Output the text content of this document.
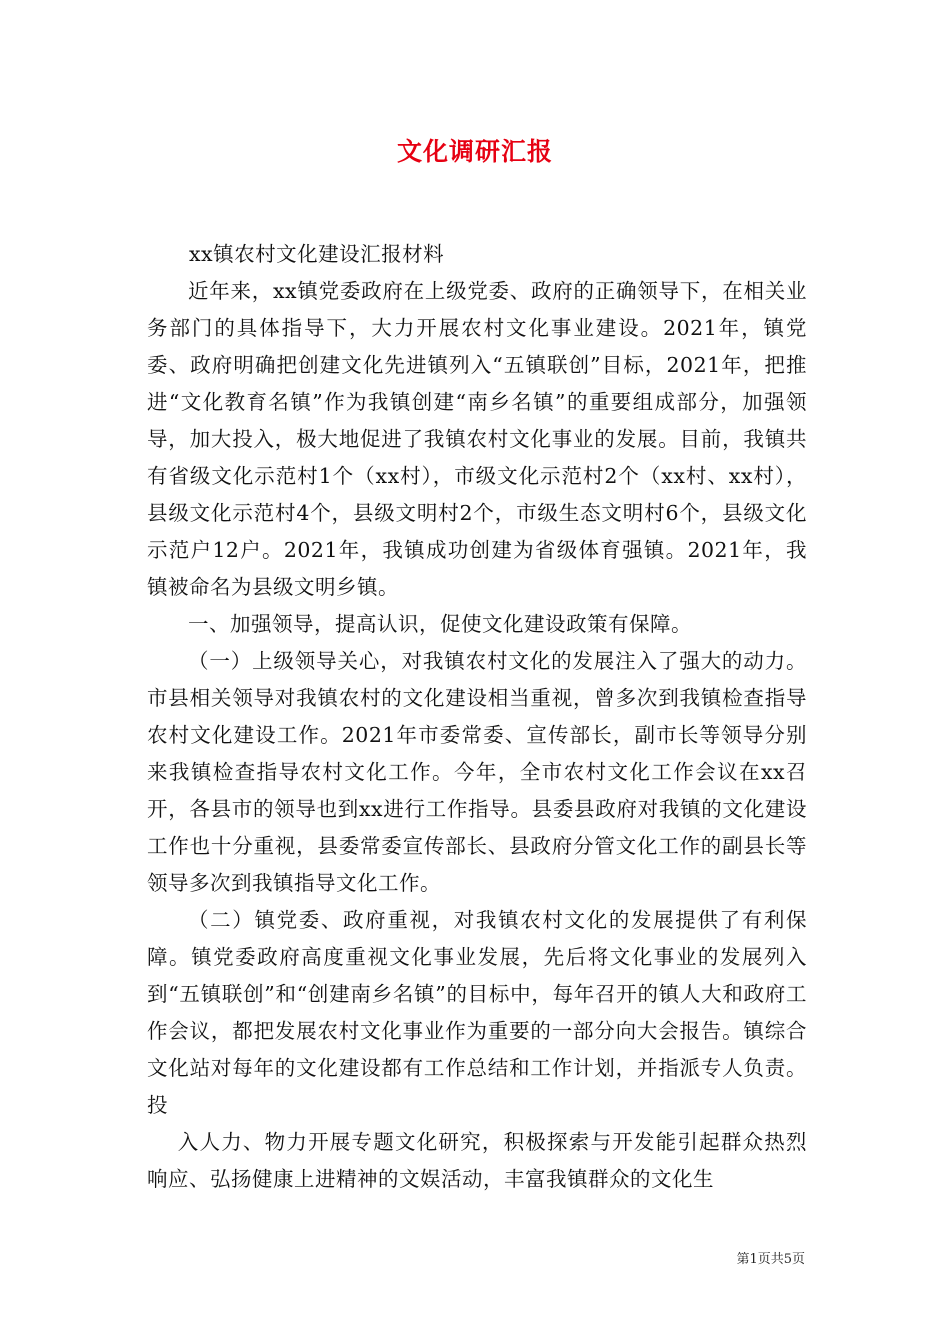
文化调研汇报

xx镇农村文化建设汇报材料

近年来，xx镇党委政府在上级党委、政府的正确领导下，在相关业务部门的具体指导下，大力开展农村文化事业建设。2021年，镇党委、政府明确把创建文化先进镇列入“五镇联创”目标，2021年，把推进“文化教育名镇”作为我镇创建“南乡名镇”的重要组成部分，加强领导，加大投入，极大地促进了我镇农村文化事业的发展。目前，我镇共有省级文化示范村1个（xx村），市级文化示范村2个（xx村、xx村），县级文化示范村4个，县级文明村2个，市级生态文明村6个，县级文化示范户12户。2021年，我镇成功创建为省级体育强镇。2021年，我镇被命名为县级文明乡镇。

一、加强领导，提高认识，促使文化建设政策有保障。

（一）上级领导关心，对我镇农村文化的发展注入了强大的动力。市县相关领导对我镇农村的文化建设相当重视，曾多次到我镇检查指导农村文化建设工作。2021年市委常委、宣传部长，副市长等领导分别来我镇检查指导农村文化工作。今年，全市农村文化工作会议在xx召开，各县市的领导也到xx进行工作指导。县委县政府对我镇的文化建设工作也十分重视，县委常委宣传部长、县政府分管文化工作的副县长等领导多次到我镇指导文化工作。

（二）镇党委、政府重视，对我镇农村文化的发展提供了有利保障。镇党委政府高度重视文化事业发展，先后将文化事业的发展列入到“五镇联创”和“创建南乡名镇”的目标中，每年召开的镇人大和政府工作会议，都把发展农村文化事业作为重要的一部分向大会报告。镇综合文化站对每年的文化建设都有工作总结和工作计划，并指派专人负责。投

入人力、物力开展专题文化研究，积极探索与开发能引起群众热烈响应、弘扬健康上进精神的文娱活动，丰富我镇群众的文化生

第1页共5页
